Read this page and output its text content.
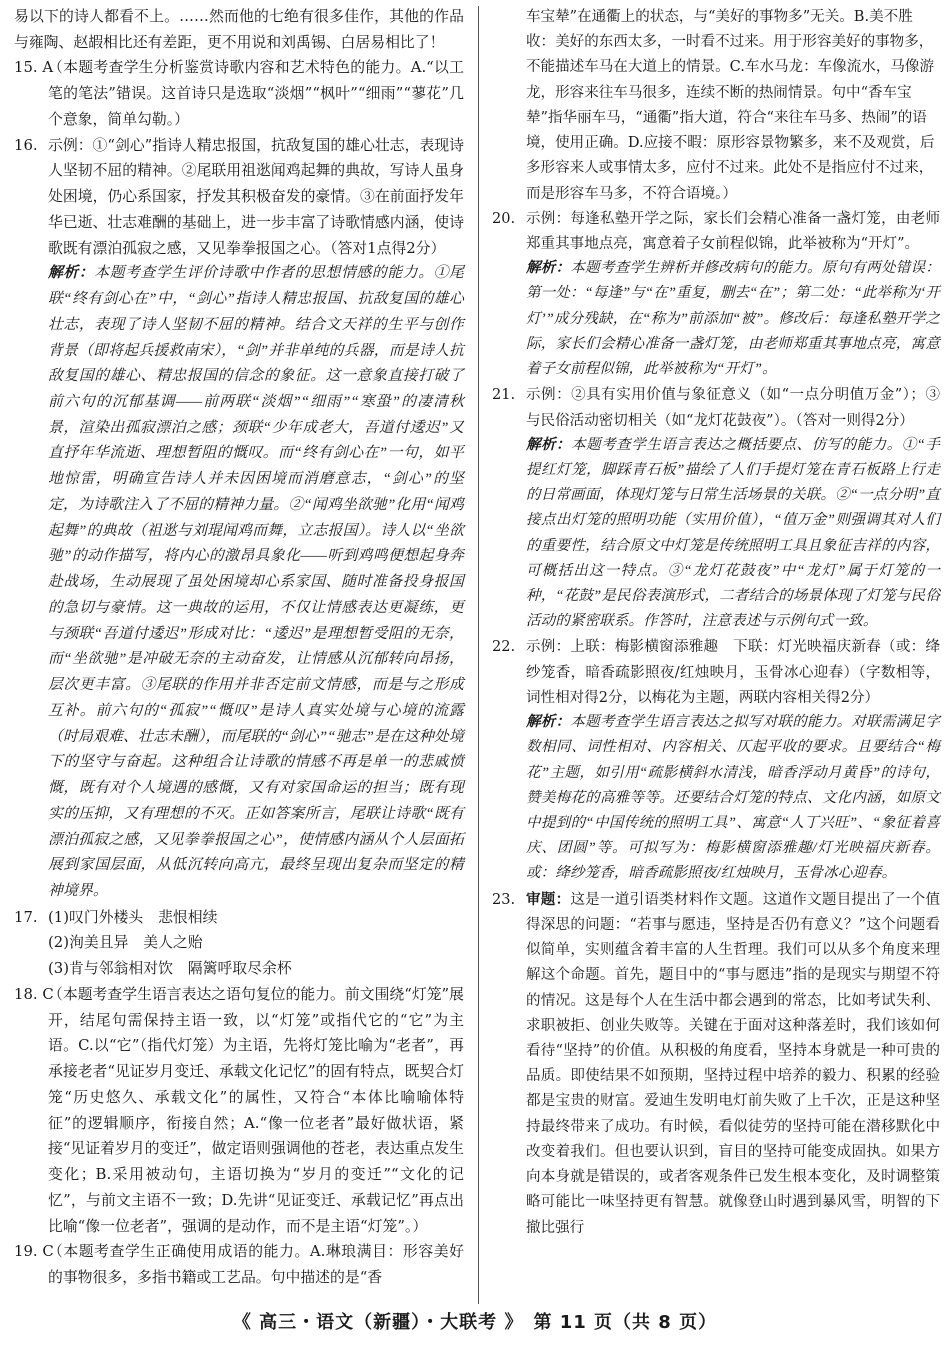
易以下的诗人都看不上。……然而他的七绝有很多佳作，其他的作品与雍陶、赵嘏相比还有差距，更不用说和刘禹锡、白居易相比了！

15. A
（本题考查学生分析鉴赏诗歌内容和艺术特色的能力。A.“以工笔的笔法”错误。这首诗只是选取“淡烟”“枫叶”“细雨”“蓼花”几个意象，简单勾勒。）
16. 示例：①“剑心”指诗人精忠报国，抗敌复国的雄心壮志，表现诗人坚韧不屈的精神。②尾联用祖逖闻鸡起舞的典故，写诗人虽身处困境，仍心系国家，抒发其积极奋发的豪情。③在前面抒发年华已逝、壮志难酬的基础上，进一步丰富了诗歌情感内涵，使诗歌既有漂泊孤寂之感，又见拳拳报国之心。（答对1点得2分）
解析：本题考查学生评价诗歌中作者的思想情感的能力。①尾联“终有剑心在”中，“剑心”指诗人精忠报国、抗敌复国的雄心壮志，表现了诗人坚韧不屈的精神。结合文天祥的生平与创作背景（即将起兵援救南宋），“剑”并非单纯的兵器，而是诗人抗敌复国的雄心、精忠报国的信念的象征。这一意象直接打破了前六句的沉郁基调——前两联“淡烟”“细雨”“寒蛩”的凄清秋景，渲染出孤寂漂泊之感；颈联“少年成老大，吾道付逶迟”又直抒年华流逝、理想暂阻的慨叹。而“终有剑心在”一句，如平地惊雷，明确宣告诗人并未因困境而消磨意志，“剑心”的坚定，为诗歌注入了不屈的精神力量。②“闻鸡坐欲驰”化用“闻鸡起舞”的典故（祖逖与刘琨闻鸡而舞，立志报国）。诗人以“坐欲驰”的动作描写，将内心的激昂具象化——听到鸡鸣便想起身奔赴战场，生动展现了虽处困境却心系家国、随时准备投身报国的急切与豪情。这一典故的运用，不仅让情感表达更凝练，更与颈联“吾道付逶迟”形成对比：“逶迟”是理想暂受阻的无奈，而“坐欲驰”是冲破无奈的主动奋发，让情感从沉郁转向昂扬，层次更丰富。③尾联的作用并非否定前文情感，而是与之形成互补。前六句的“孤寂”“慨叹”是诗人真实处境与心境的流露（时局艰难、壮志未酬），而尾联的“剑心”“驰志”是在这种处境下的坚守与奋起。这种组合让诗歌的情感不再是单一的悲戚愤慨，既有对个人境遇的感慨，又有对家国命运的担当；既有现实的压抑，又有理想的不灭。正如答案所言，尾联让诗歌“既有漂泊孤寂之感，又见拳拳报国之心”，使情感内涵从个人层面拓展到家国层面，从低沉转向高亢，最终呈现出复杂而坚定的精神境界。
17. (1)叹门外楼头　悲恨相续
(2)洵美且异　美人之贻
(3)肯与邻翁相对饮　隔篱呼取尽余杯
18. C
（本题考查学生语言表达之语句复位的能力。前文围绕“灯笼”展开，结尾句需保持主语一致，以“灯笼”或指代它的“它”为主语。C.以“它”（指代灯笼）为主语，先将灯笼比喻为“老者”，再承接老者“见证岁月变迁、承载文化记忆”的固有特点，既契合灯笼“历史悠久、承载文化”的属性，又符合“本体比喻喻体特征”的逻辑顺序，衔接自然；A.“像一位老者”最好做状语，紧接“见证着岁月的变迁”，做定语则强调他的苍老，表达重点发生变化；B.采用被动句，主语切换为“岁月的变迁”“文化的记忆”，与前文主语不一致；D.先讲“见证变迁、承载记忆”再点出比喻“像一位老者”，强调的是动作，而不是主语“灯笼”。）
19. C
（本题考查学生正确使用成语的能力。A.琳琅满目：形容美好的事物很多，多指书籍或工艺品。句中描述的是“香

车宝辇”在通衢上的状态，与“美好的事物多”无关。B.美不胜收：美好的东西太多，一时看不过来。用于形容美好的事物多，不能描述车马在大道上的情景。C.车水马龙：车像流水，马像游龙，形容来往车马很多，连续不断的热闹情景。句中“香车宝辇”指华丽车马，“通衢”指大道，符合“来往车马多、热闹”的语境，使用正确。D.应接不暇：原形容景物繁多，来不及观赏，后多形容来人或事情太多，应付不过来。此处不是指应付不过来，而是形容车马多，不符合语境。）

20. 示例：每逢私塾开学之际，家长们会精心准备一盏灯笼，由老师郑重其事地点亮，寓意着子女前程似锦，此举被称为“开灯”。
解析：本题考查学生辨析并修改病句的能力。原句有两处错误：第一处：“每逢”与“在”重复，删去“在”；第二处：“此举称为‘开灯’”成分残缺，在“称为”前添加“被”。修改后：每逢私塾开学之际，家长们会精心准备一盏灯笼，由老师郑重其事地点亮，寓意着子女前程似锦，此举被称为“开灯”。
21. 示例：②具有实用价值与象征意义（如“一点分明值万金”）；③与民俗活动密切相关（如“龙灯花鼓夜”）。（答对一则得2分）
解析：本题考查学生语言表达之概括要点、仿写的能力。①“手提红灯笼，脚踩青石板”描绘了人们手提灯笼在青石板路上行走的日常画面，体现灯笼与日常生活场景的关联。②“一点分明”直接点出灯笼的照明功能（实用价值），“值万金”则强调其对人们的重要性，结合原文中灯笼是传统照明工具且象征吉祥的内容，可概括出这一特点。③“龙灯花鼓夜”中“龙灯”属于灯笼的一种，“花鼓”是民俗表演形式，二者结合的场景体现了灯笼与民俗活动的紧密联系。作答时，注意表述与示例句式一致。
22. 示例：上联：梅影横窗添雅趣　下联：灯光映福庆新春（或：绛纱笼香，暗香疏影照夜/红烛映月，玉骨冰心迎春）（字数相等，词性相对得2分，以梅花为主题，两联内容相关得2分）
解析：本题考查学生语言表达之拟写对联的能力。对联需满足字数相同、词性相对、内容相关、仄起平收的要求。且要结合“梅花”主题，如引用“疏影横斜水清浅，暗香浮动月黄昏”的诗句，赞美梅花的高雅等等。还要结合灯笼的特点、文化内涵，如原文中提到的“中国传统的照明工具”、寓意“人丁兴旺”、“象征着喜庆、团圆”等。可拟写为：梅影横窗添雅趣/灯光映福庆新春。或：绛纱笼香，暗香疏影照夜/红烛映月，玉骨冰心迎春。
23. 审题：这是一道引语类材料作文题。这道作文题目提出了一个值得深思的问题：“若事与愿违，坚持是否仍有意义？”这个问题看似简单，实则蕴含着丰富的人生哲理。我们可以从多个角度来理解这个命题。首先，题目中的“事与愿违”指的是现实与期望不符的情况。这是每个人在生活中都会遇到的常态，比如考试失利、求职被拒、创业失败等。关键在于面对这种落差时，我们该如何看待“坚持”的价值。从积极的角度看，坚持本身就是一种可贵的品质。即使结果不如预期，坚持过程中培养的毅力、积累的经验都是宝贵的财富。爱迪生发明电灯前失败了上千次，正是这种坚持最终带来了成功。有时候，看似徒劳的坚持可能在潜移默化中改变着我们。但也要认识到，盲目的坚持可能变成固执。如果方向本身就是错误的，或者客观条件已发生根本变化，及时调整策略可能比一味坚持更有智慧。就像登山时遇到暴风雪，明智的下撤比强行
《 高三・语文（新疆）・大联考 》　第 11 页（共 8 页）
